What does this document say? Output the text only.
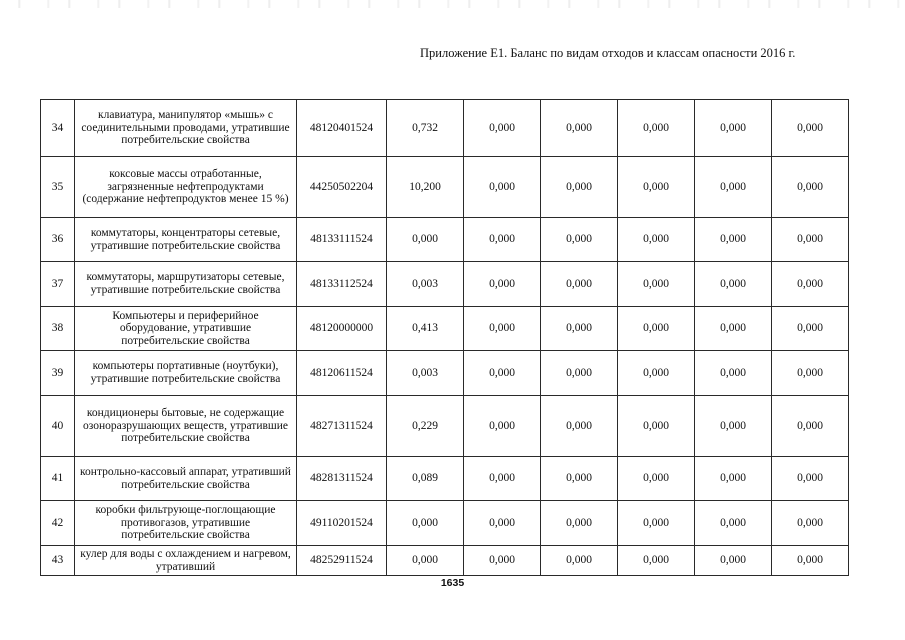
Приложение Е1. Баланс по видам отходов и классам опасности 2016 г.
34	клавиатура, манипулятор «мышь» с соединительными проводами, утратившие потребительские свойства	48120401524	0,732	0,000	0,000	0,000	0,000	0,000
35	коксовые массы отработанные, загрязненные нефтепродуктами (содержание нефтепродуктов менее 15 %)	44250502204	10,200	0,000	0,000	0,000	0,000	0,000
36	коммутаторы, концентраторы сетевые, утратившие потребительские свойства	48133111524	0,000	0,000	0,000	0,000	0,000	0,000
37	коммутаторы, маршрутизаторы сетевые, утратившие потребительские свойства	48133112524	0,003	0,000	0,000	0,000	0,000	0,000
38	Компьютеры и периферийное оборудование, утратившие потребительские свойства	48120000000	0,413	0,000	0,000	0,000	0,000	0,000
39	компьютеры портативные (ноутбуки), утратившие потребительские свойства	48120611524	0,003	0,000	0,000	0,000	0,000	0,000
40	кондиционеры бытовые, не содержащие озоноразрушающих веществ, утратившие потребительские свойства	48271311524	0,229	0,000	0,000	0,000	0,000	0,000
41	контрольно-кассовый аппарат, утративший потребительские свойства	48281311524	0,089	0,000	0,000	0,000	0,000	0,000
42	коробки фильтрующе-поглощающие противогазов, утратившие потребительские свойства	49110201524	0,000	0,000	0,000	0,000	0,000	0,000
43	кулер для воды с охлаждением и нагревом, утративший	48252911524	0,000	0,000	0,000	0,000	0,000	0,000
1635
